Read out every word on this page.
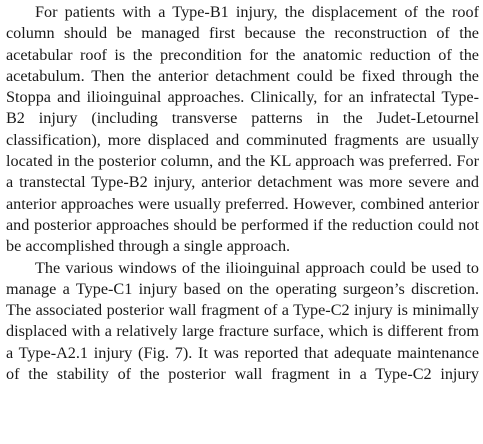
For patients with a Type-B1 injury, the displacement of the roof column should be managed first because the reconstruction of the acetabular roof is the precondition for the anatomic reduction of the acetabulum. Then the anterior detachment could be fixed through the Stoppa and ilioinguinal approaches. Clinically, for an infratectal Type-B2 injury (including transverse patterns in the Judet-Letournel classification), more displaced and comminuted fragments are usually located in the posterior column, and the KL approach was preferred. For a transtectal Type-B2 injury, anterior detachment was more severe and anterior approaches were usually preferred. However, combined anterior and posterior approaches should be performed if the reduction could not be accomplished through a single approach.

The various windows of the ilioinguinal approach could be used to manage a Type-C1 injury based on the operating surgeon’s discretion. The associated posterior wall fragment of a Type-C2 injury is minimally displaced with a relatively large fracture surface, which is different from a Type-A2.1 injury (Fig. 7). It was reported that adequate maintenance of the stability of the posterior wall fragment in a Type-C2 injury
